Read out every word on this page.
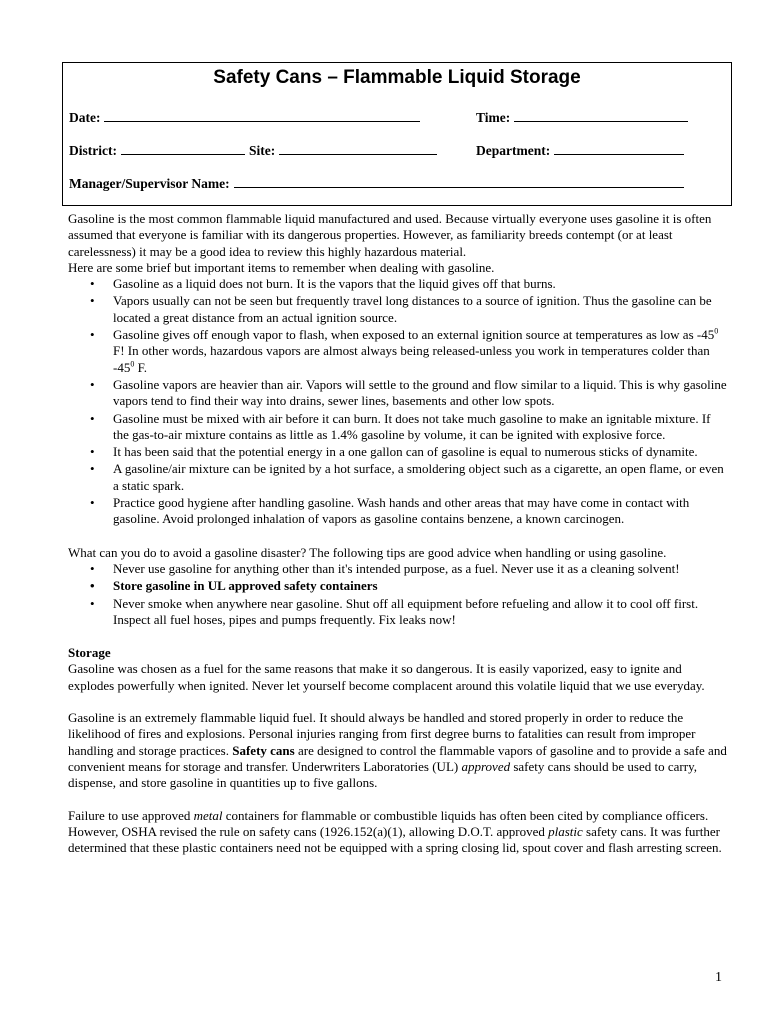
Safety Cans – Flammable Liquid Storage
Date:	Time:
District:	Site:	Department:
Manager/Supervisor Name:

Gasoline is the most common flammable liquid manufactured and used. Because virtually everyone uses gasoline it is often assumed that everyone is familiar with its dangerous properties. However, as familiarity breeds contempt (or at least carelessness) it may be a good idea to review this highly hazardous material.

Here are some brief but important items to remember when dealing with gasoline.

• Gasoline as a liquid does not burn. It is the vapors that the liquid gives off that burns.
• Vapors usually can not be seen but frequently travel long distances to a source of ignition. Thus the gasoline can be located a great distance from an actual ignition source.
• Gasoline gives off enough vapor to flash, when exposed to an external ignition source at temperatures as low as $-45^0$ F! In other words, hazardous vapors are almost always being released-unless you work in temperatures colder than $-45^0$ F.
• Gasoline vapors are heavier than air. Vapors will settle to the ground and flow similar to a liquid. This is why gasoline vapors tend to find their way into drains, sewer lines, basements and other low spots.
• Gasoline must be mixed with air before it can burn. It does not take much gasoline to make an ignitable mixture. If the gas-to-air mixture contains as little as 1.4% gasoline by volume, it can be ignited with explosive force.
• It has been said that the potential energy in a one gallon can of gasoline is equal to numerous sticks of dynamite.
• A gasoline/air mixture can be ignited by a hot surface, a smoldering object such as a cigarette, an open flame, or even a static spark.
• Practice good hygiene after handling gasoline. Wash hands and other areas that may have come in contact with gasoline. Avoid prolonged inhalation of vapors as gasoline contains benzene, a known carcinogen.

What can you do to avoid a gasoline disaster? The following tips are good advice when handling or using gasoline.

• Never use gasoline for anything other than it's intended purpose, as a fuel. Never use it as a cleaning solvent!
• Store gasoline in UL approved safety containers
• Never smoke when anywhere near gasoline. Shut off all equipment before refueling and allow it to cool off first. Inspect all fuel hoses, pipes and pumps frequently. Fix leaks now!

Storage

Gasoline was chosen as a fuel for the same reasons that make it so dangerous. It is easily vaporized, easy to ignite and explodes powerfully when ignited. Never let yourself become complacent around this volatile liquid that we use everyday.

Gasoline is an extremely flammable liquid fuel. It should always be handled and stored properly in order to reduce the likelihood of fires and explosions. Personal injuries ranging from first degree burns to fatalities can result from improper handling and storage practices. Safety cans are designed to control the flammable vapors of gasoline and to provide a safe and convenient means for storage and transfer. Underwriters Laboratories (UL) approved safety cans should be used to carry, dispense, and store gasoline in quantities up to five gallons.

Failure to use approved metal containers for flammable or combustible liquids has often been cited by compliance officers. However, OSHA revised the rule on safety cans (1926.152(a)(1), allowing D.O.T. approved plastic safety cans. It was further determined that these plastic containers need not be equipped with a spring closing lid, spout cover and flash arresting screen.

1
